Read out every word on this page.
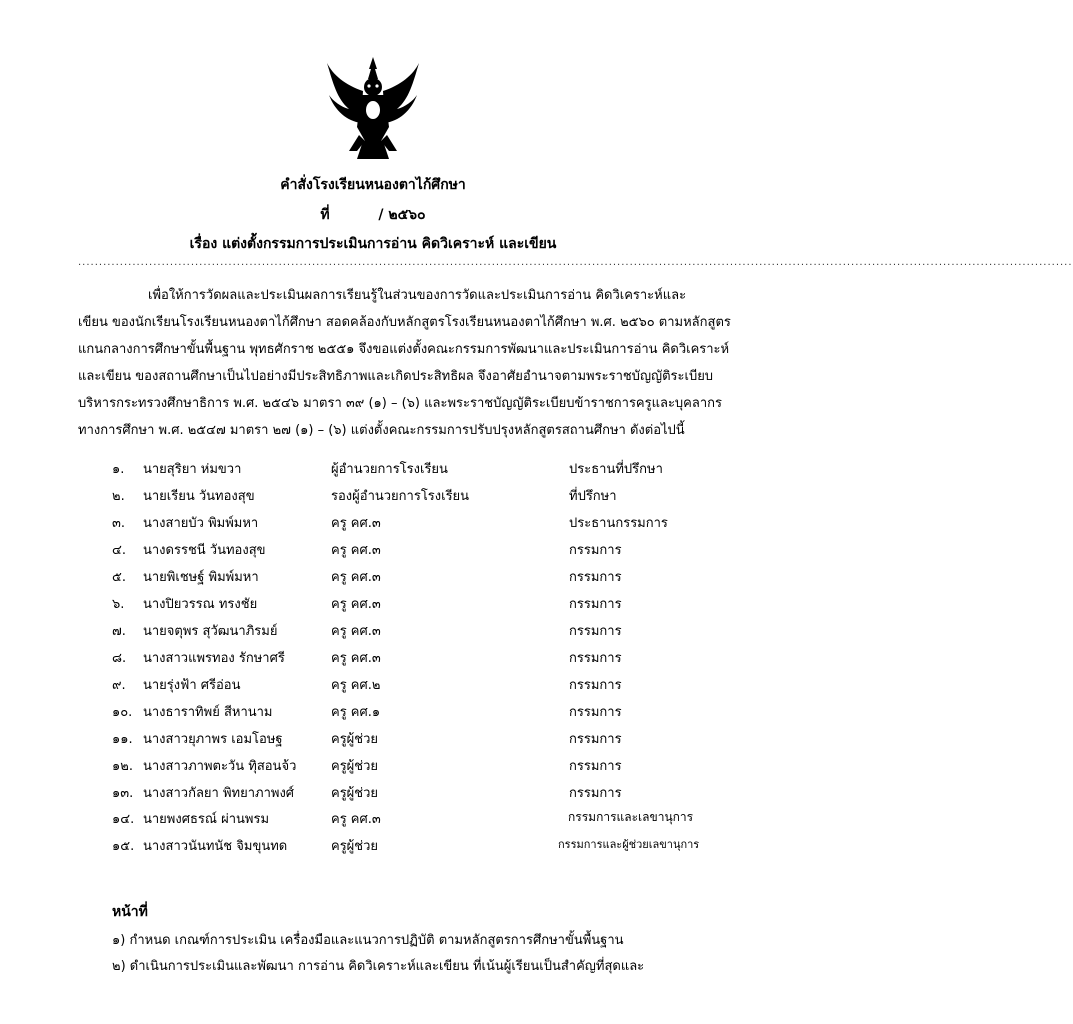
คำสั่งโรงเรียนหนองตาไก้ศึกษา
ที่          / ๒๕๖๐
เรื่อง แต่งตั้งกรรมการประเมินการอ่าน คิดวิเคราะห์ และเขียน
..............................................................................................................................................................................................................................................
เพื่อให้การวัดผลและประเมินผลการเรียนรู้ในส่วนของการวัดและประเมินการอ่าน คิดวิเคราะห์และ
เขียน ของนักเรียนโรงเรียนหนองตาไก้ศึกษา สอดคล้องกับหลักสูตรโรงเรียนหนองตาไก้ศึกษา พ.ศ. ๒๕๖๐ ตามหลักสูตร
แกนกลางการศึกษาขั้นพื้นฐาน พุทธศักราช ๒๕๕๑ จึงขอแต่งตั้งคณะกรรมการพัฒนาและประเมินการอ่าน คิดวิเคราะห์
และเขียน ของสถานศึกษาเป็นไปอย่างมีประสิทธิภาพและเกิดประสิทธิผล จึงอาศัยอำนาจตามพระราชบัญญัติระเบียบ
บริหารกระทรวงศึกษาธิการ พ.ศ. ๒๕๔๖ มาตรา ๓๙ (๑) – (๖) และพระราชบัญญัติระเบียบข้าราชการครูและบุคลากร
ทางการศึกษา พ.ศ. ๒๕๔๗ มาตรา ๒๗ (๑) – (๖) แต่งตั้งคณะกรรมการปรับปรุงหลักสูตรสถานศึกษา ดังต่อไปนี้
๑. นายสุริยา ห่มขวา	ผู้อำนวยการโรงเรียน	ประธานที่ปรึกษา
๒. นายเรียน วันทองสุข	รองผู้อำนวยการโรงเรียน	ที่ปรึกษา
๓. นางสายบัว พิมพ์มหา	ครู คศ.๓	ประธานกรรมการ
๔. นางดรรชนี วันทองสุข	ครู คศ.๓	กรรมการ
๕. นายพิเชษฐ์ พิมพ์มหา	ครู คศ.๓	กรรมการ
๖. นางปิยวรรณ ทรงชัย	ครู คศ.๓	กรรมการ
๗. นายจตุพร สุวัฒนาภิรมย์	ครู คศ.๓	กรรมการ
๘. นางสาวแพรทอง รักษาศรี	ครู คศ.๓	กรรมการ
๙. นายรุ่งฟ้า ศรีอ่อน	ครู คศ.๒	กรรมการ
๑๐. นางธาราทิพย์ สีหานาม	ครู คศ.๑	กรรมการ
๑๑. นางสาวยุภาพร เอมโอษฐ	ครูผู้ช่วย	กรรมการ
๑๒. นางสาวภาพตะวัน ทุิสอนจ้ว	ครูผู้ช่วย	กรรมการ
๑๓. นางสาวกัลยา พิทยาภาพงศ์	ครูผู้ช่วย	กรรมการ
๑๔. นายพงศธรณ์ ผ่านพรม	ครู คศ.๓	กรรมการและเลขานุการ
๑๕. นางสาวนันทนัช จิมขุนทด	ครูผู้ช่วย	กรรมการและผู้ช่วยเลขานุการ
หน้าที่
๑) กำหนด เกณฑ์การประเมิน เครื่องมือและแนวการปฏิบัติ ตามหลักสูตรการศึกษาขั้นพื้นฐาน
๒) ดำเนินการประเมินและพัฒนา การอ่าน คิดวิเคราะห์และเขียน ที่เน้นผู้เรียนเป็นสำคัญที่สุดและ
